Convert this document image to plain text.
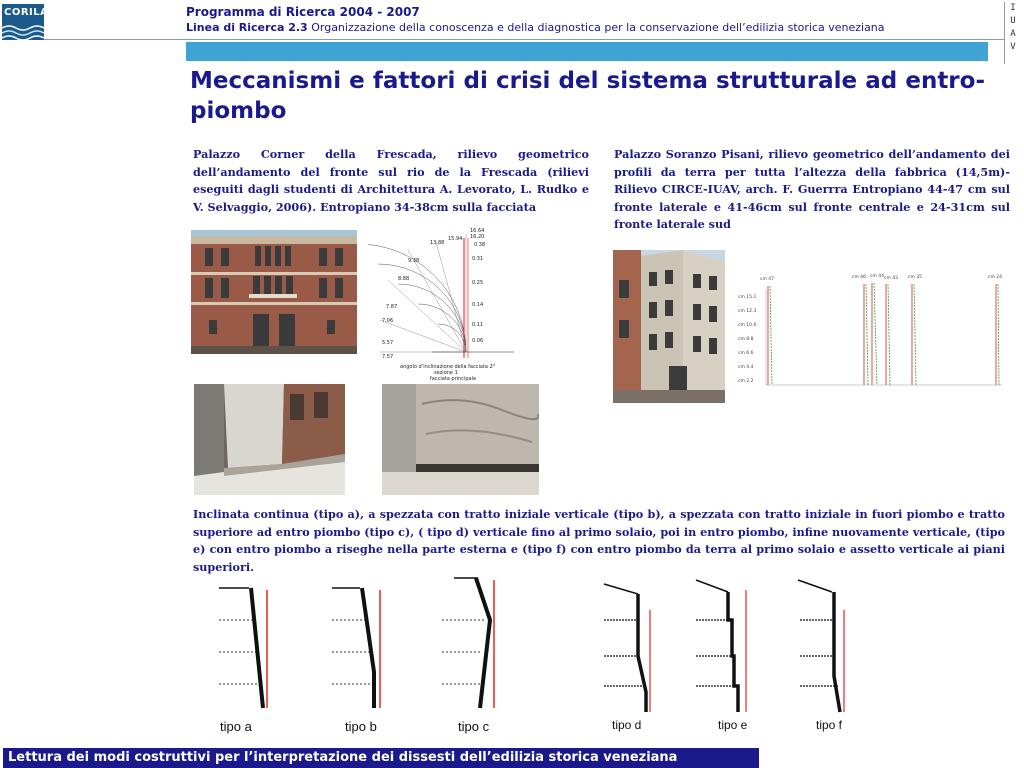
CORILA	Programma di Ricerca 2004 - 2007
Linea di Ricerca 2.3 Organizzazione della conoscenza e della diagnostica per la conservazione dell’edilizia storica veneziana
I
U
A
V
Meccanismi e fattori di crisi del sistema strutturale ad entro-piombo
Palazzo Corner della Frescada, rilievo geometrico dell’andamento del fronte sul rio de la Frescada (rilievi eseguiti dagli studenti di Architettura A. Levorato, L. Rudko e V. Selvaggio, 2006). Entropiano 34-38cm sulla facciata
Palazzo Soranzo Pisani, rilievo geometrico dell’andamento dei profili da terra per tutta l’altezza della fabbrica (14,5m)- Rilievo CIRCE-IUAV, arch. F. Guerrra Entropiano 44-47 cm sul fronte laterale e 41-46cm sul fronte centrale e 24-31cm sul fronte laterale sud
16.64
16.20
15.94
13.88	0.38
9.38
8.88
7.87
7.06
5.57
7.57
0.31
0.25
0.14
0.11
0.06
angolo d’inclinazione della facciata 2°
sezione 1
facciata principale
cm 15.1
cm 12.3
cm 10.6
cm 8.8
cm 6.6
cm 4.4
cm 2.2
cm 47	cm 46 cm 44 cm 43 cm 35	cm 24
Inclinata continua (tipo a), a spezzata con tratto iniziale verticale (tipo b), a spezzata con tratto iniziale in fuori piombo e tratto superiore ad entro piombo (tipo c), ( tipo d) verticale fino al primo solaio, poi in entro piombo, infine nuovamente verticale, (tipo e) con entro piombo a riseghe nella parte esterna e (tipo f) con entro piombo da terra al primo solaio e assetto verticale ai piani superiori.
tipo a	tipo b	tipo c	tipo d	tipo e	tipo f
Lettura dei modi costruttivi per l’interpretazione dei dissesti dell’edilizia storica veneziana
